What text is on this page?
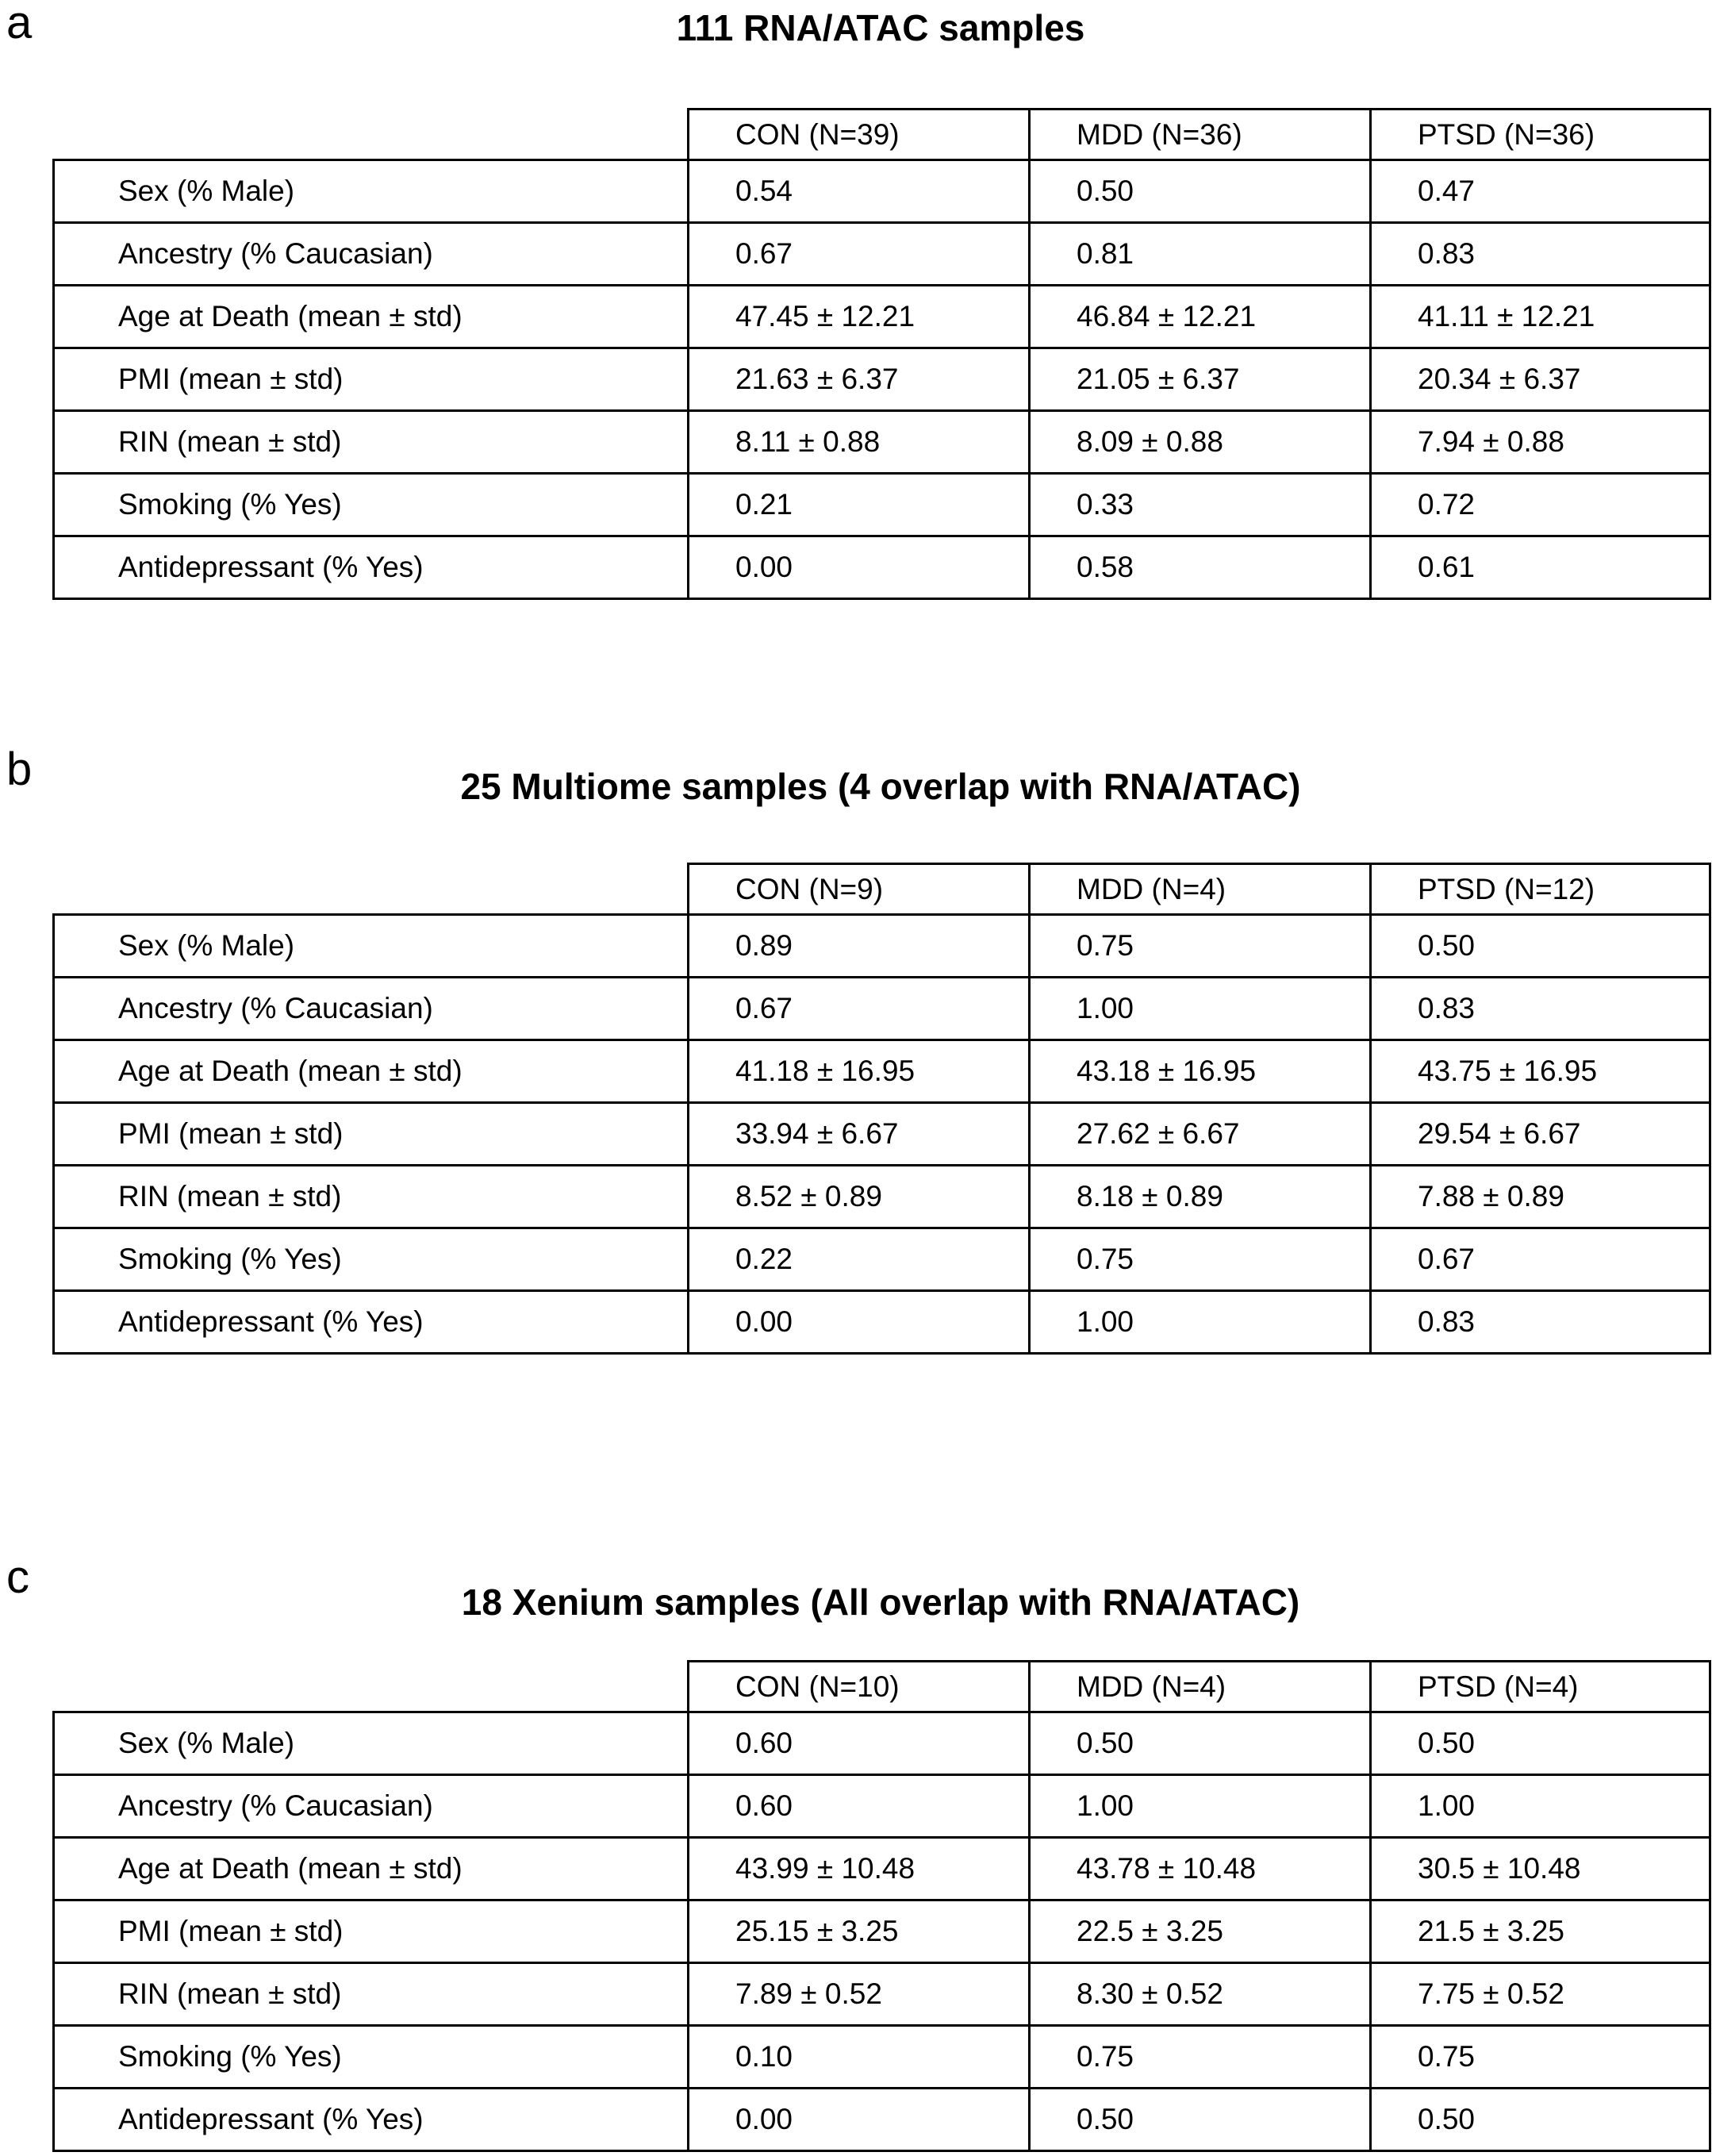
a	111 RNA/ATAC samples
	CON (N=39)	MDD (N=36)	PTSD (N=36)
Sex (% Male)	0.54	0.50	0.47
Ancestry (% Caucasian)	0.67	0.81	0.83
Age at Death (mean ± std)	47.45 ± 12.21	46.84 ± 12.21	41.11 ± 12.21
PMI (mean ± std)	21.63 ± 6.37	21.05 ± 6.37	20.34 ± 6.37
RIN (mean ± std)	8.11 ± 0.88	8.09 ± 0.88	7.94 ± 0.88
Smoking (% Yes)	0.21	0.33	0.72
Antidepressant (% Yes)	0.00	0.58	0.61
b	25 Multiome samples (4 overlap with RNA/ATAC)
	CON (N=9)	MDD (N=4)	PTSD (N=12)
Sex (% Male)	0.89	0.75	0.50
Ancestry (% Caucasian)	0.67	1.00	0.83
Age at Death (mean ± std)	41.18 ± 16.95	43.18 ± 16.95	43.75 ± 16.95
PMI (mean ± std)	33.94 ± 6.67	27.62 ± 6.67	29.54 ± 6.67
RIN (mean ± std)	8.52 ± 0.89	8.18 ± 0.89	7.88 ± 0.89
Smoking (% Yes)	0.22	0.75	0.67
Antidepressant (% Yes)	0.00	1.00	0.83
c	18 Xenium samples (All overlap with RNA/ATAC)
	CON (N=10)	MDD (N=4)	PTSD (N=4)
Sex (% Male)	0.60	0.50	0.50
Ancestry (% Caucasian)	0.60	1.00	1.00
Age at Death (mean ± std)	43.99 ± 10.48	43.78 ± 10.48	30.5 ± 10.48
PMI (mean ± std)	25.15 ± 3.25	22.5 ± 3.25	21.5 ± 3.25
RIN (mean ± std)	7.89 ± 0.52	8.30 ± 0.52	7.75 ± 0.52
Smoking (% Yes)	0.10	0.75	0.75
Antidepressant (% Yes)	0.00	0.50	0.50
